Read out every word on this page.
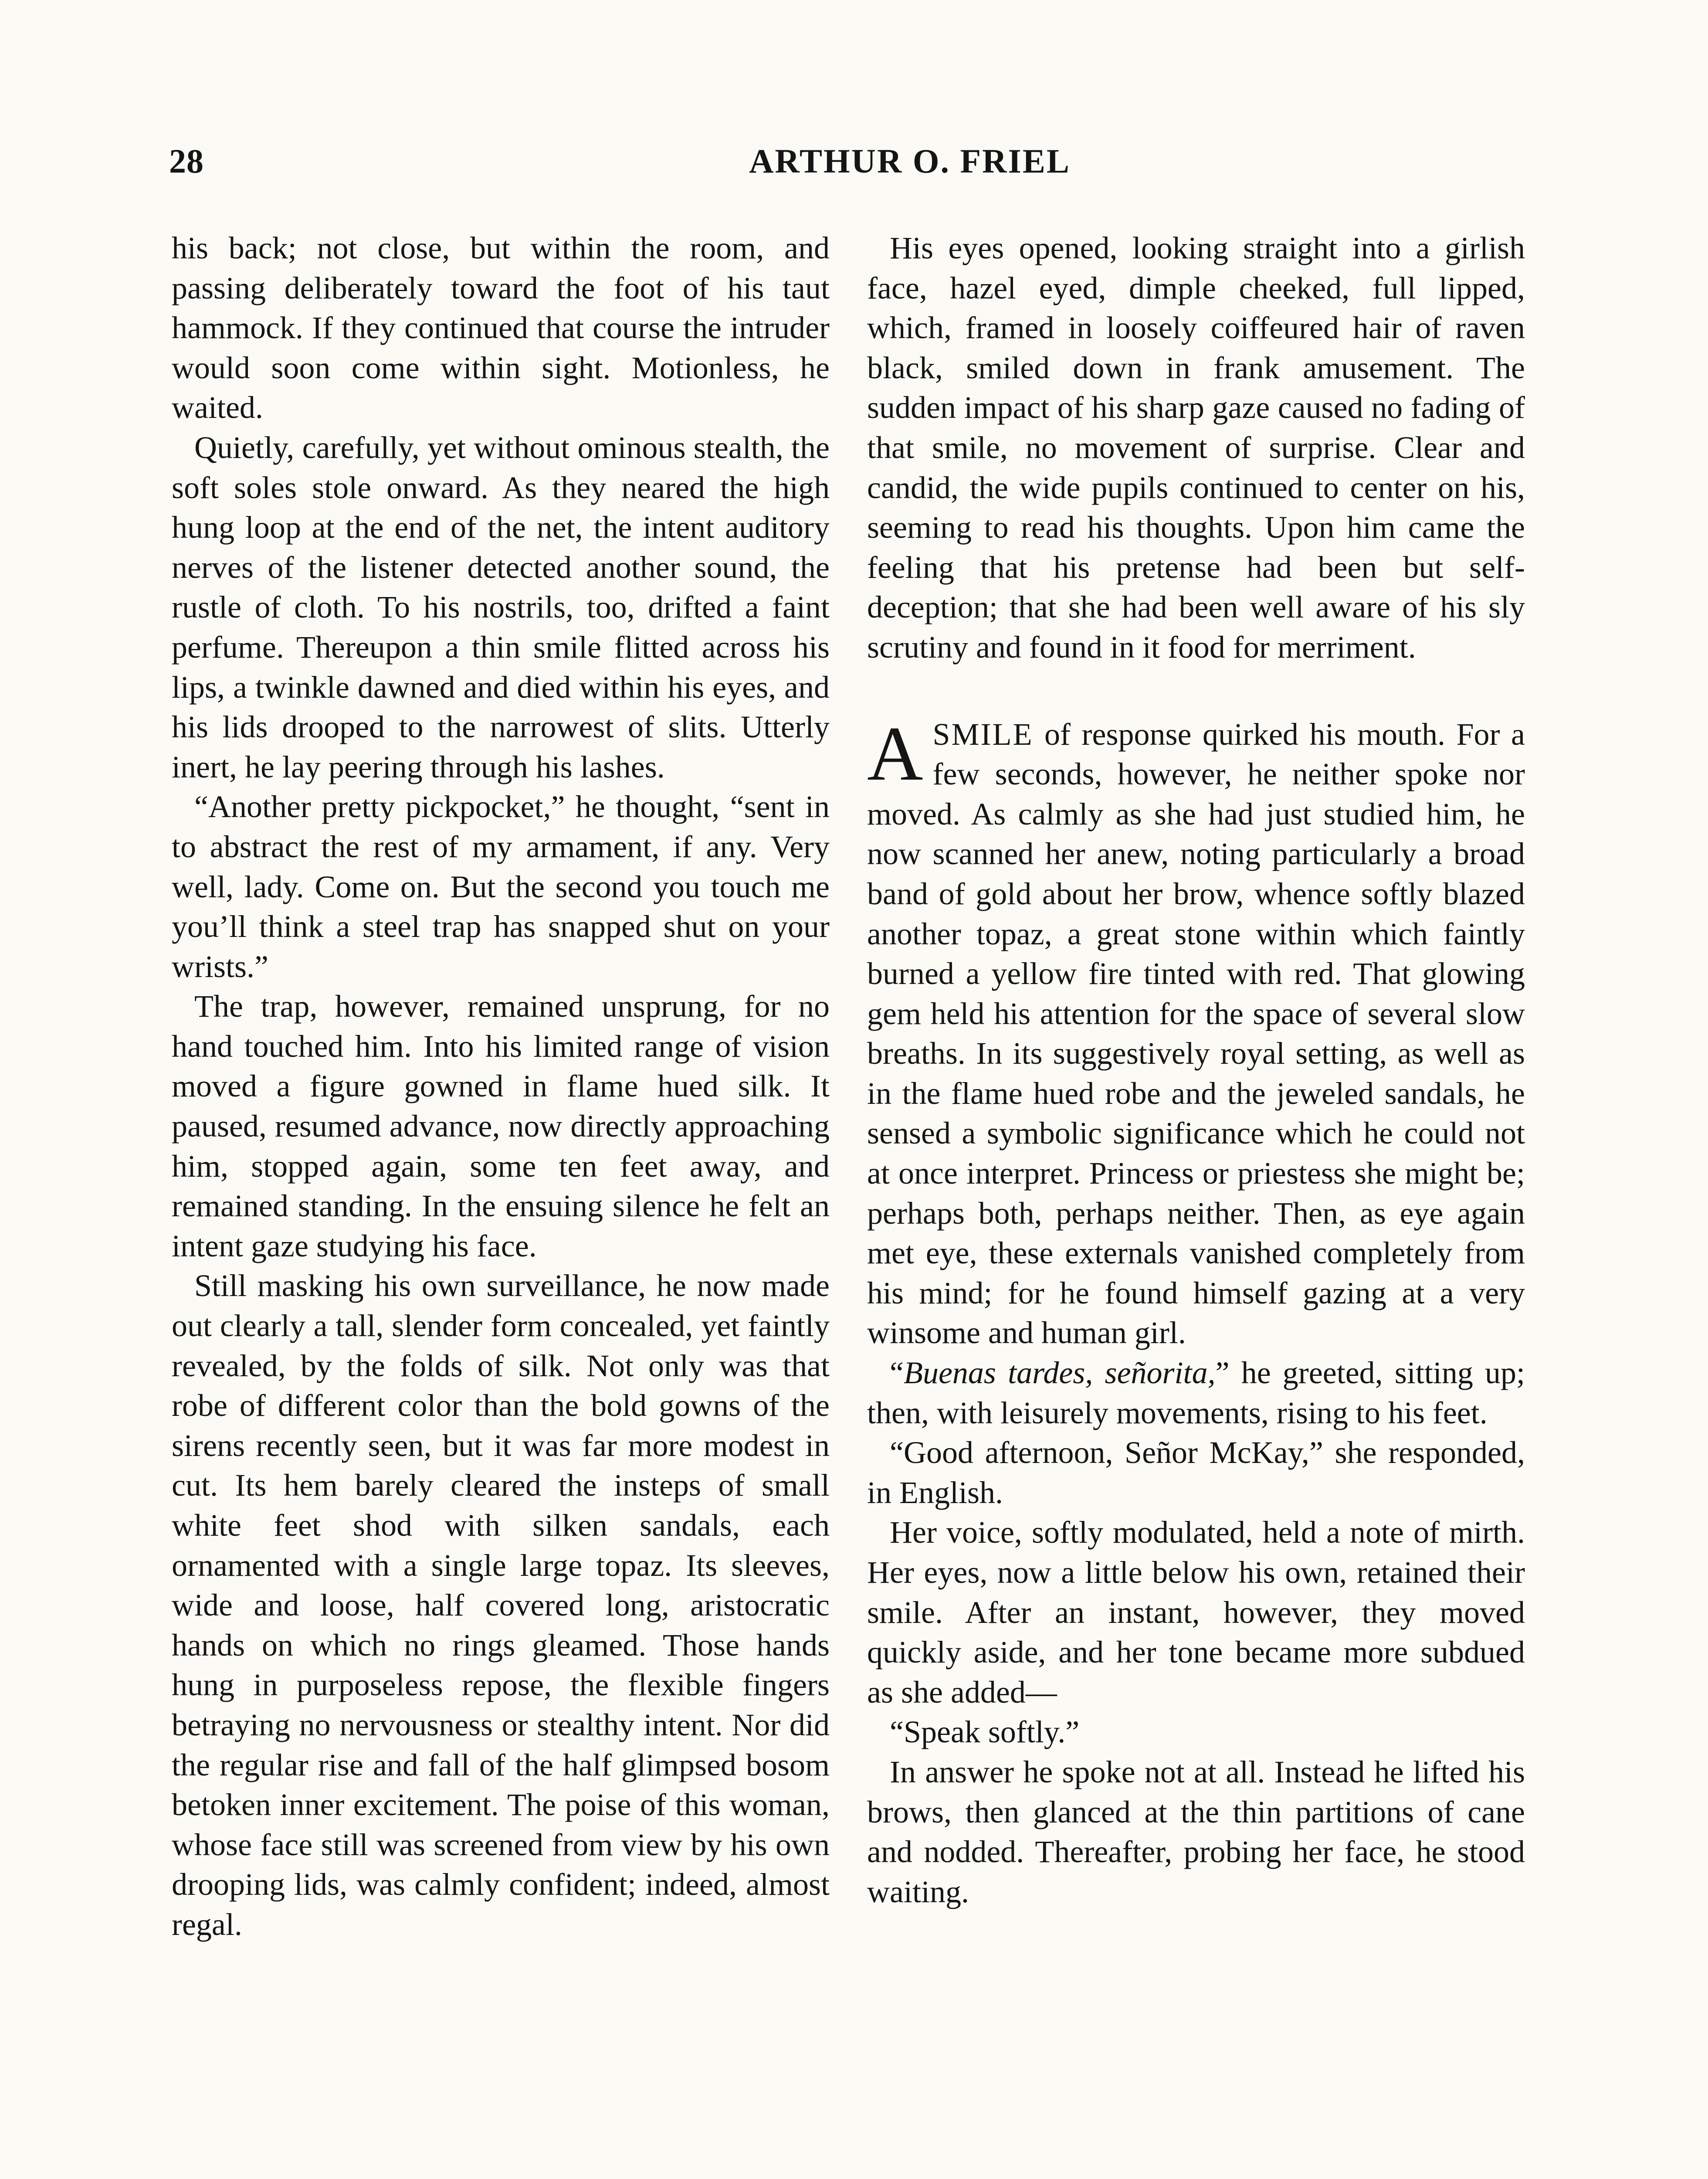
28	ARTHUR O. FRIEL

his back; not close, but within the room, and passing deliberately toward the foot of his taut hammock. If they continued that course the intruder would soon come within sight. Motionless, he waited.

Quietly, carefully, yet without ominous stealth, the soft soles stole onward. As they neared the high hung loop at the end of the net, the intent auditory nerves of the listener detected another sound, the rustle of cloth. To his nostrils, too, drifted a faint perfume. Thereupon a thin smile flitted across his lips, a twinkle dawned and died within his eyes, and his lids drooped to the narrowest of slits. Utterly inert, he lay peering through his lashes.

“Another pretty pickpocket,” he thought, “sent in to abstract the rest of my armament, if any. Very well, lady. Come on. But the second you touch me you’ll think a steel trap has snapped shut on your wrists.”

The trap, however, remained unsprung, for no hand touched him. Into his limited range of vision moved a figure gowned in flame hued silk. It paused, resumed advance, now directly approaching him, stopped again, some ten feet away, and remained standing. In the ensuing silence he felt an intent gaze studying his face.

Still masking his own surveillance, he now made out clearly a tall, slender form concealed, yet faintly revealed, by the folds of silk. Not only was that robe of different color than the bold gowns of the sirens recently seen, but it was far more modest in cut. Its hem barely cleared the insteps of small white feet shod with silken sandals, each ornamented with a single large topaz. Its sleeves, wide and loose, half covered long, aristocratic hands on which no rings gleamed. Those hands hung in purposeless repose, the flexible fingers betraying no nervousness or stealthy intent. Nor did the regular rise and fall of the half glimpsed bosom betoken inner excitement. The poise of this woman, whose face still was screened from view by his own drooping lids, was calmly confident; indeed, almost regal.

His eyes opened, looking straight into a girlish face, hazel eyed, dimple cheeked, full lipped, which, framed in loosely coiffeured hair of raven black, smiled down in frank amusement. The sudden impact of his sharp gaze caused no fading of that smile, no movement of surprise. Clear and candid, the wide pupils continued to center on his, seeming to read his thoughts. Upon him came the feeling that his pretense had been but self-deception; that she had been well aware of his sly scrutiny and found in it food for merriment.

ASMILE of response quirked his mouth. For a few seconds, however, he neither spoke nor moved. As calmly as she had just studied him, he now scanned her anew, noting particularly a broad band of gold about her brow, whence softly blazed another topaz, a great stone within which faintly burned a yellow fire tinted with red. That glowing gem held his attention for the space of several slow breaths. In its suggestively royal setting, as well as in the flame hued robe and the jeweled sandals, he sensed a symbolic significance which he could not at once interpret. Princess or priestess she might be; perhaps both, perhaps neither. Then, as eye again met eye, these externals vanished completely from his mind; for he found himself gazing at a very winsome and human girl.

“Buenas tardes, señorita,” he greeted, sitting up; then, with leisurely movements, rising to his feet.

“Good afternoon, Señor McKay,” she responded, in English.

Her voice, softly modulated, held a note of mirth. Her eyes, now a little below his own, retained their smile. After an instant, however, they moved quickly aside, and her tone became more subdued as she added—

“Speak softly.”

In answer he spoke not at all. Instead he lifted his brows, then glanced at the thin partitions of cane and nodded. Thereafter, probing her face, he stood waiting.
